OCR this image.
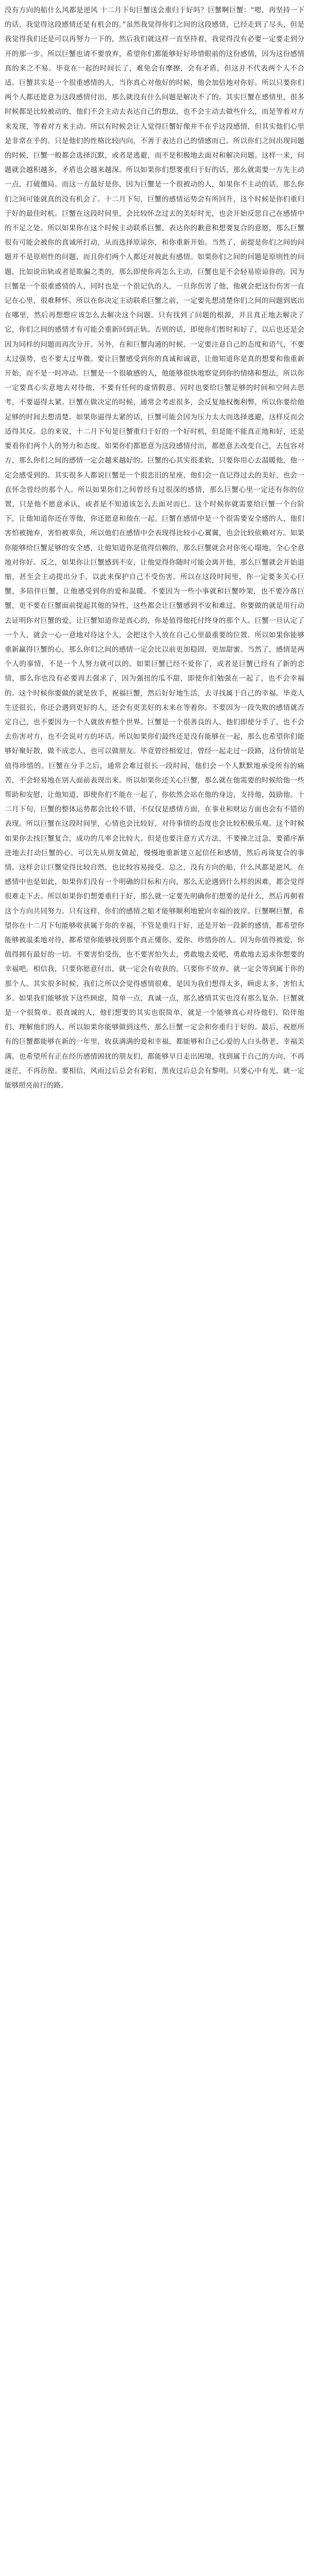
没有方向的船什么风都是逆风 十二月下旬巨蟹送会重归于好吗？巨蟹啊巨蟹：“嗯，再坚持一下的话，我觉得这段感情还是有机会的。”虽然我觉得你们之间的这段感情，已经走到了尽头，但是我觉得我们还是可以再努力一下的，然后我们就这样一直坚持着，我觉得没有必要一定要走到分开的那一步。所以巨蟹也请不要放弃，希望你们都能够好好珍惜眼前的这份感情，因为这份感情真的来之不易。毕竟在一起的时间长了，难免会有摩擦，会有矛盾，但这并不代表两个人不合适。巨蟹其实是一个很重感情的人，当你真心对他好的时候，他会加倍地对你好。所以只要你们两个人都还愿意为这段感情付出，那么就没有什么问题是解决不了的。其实巨蟹在感情里，很多时候都是比较被动的，他们不会主动去表达自己的想法，也不会主动去做些什么，而是等着对方来发现，等着对方来主动。所以有时候会让人觉得巨蟹好像并不在乎这段感情，但其实他们心里是非常在乎的。只是他们的性格比较内向，不善于表达自己的情感而已。所以你们之间出现问题的时候，巨蟹一般都会选择沉默，或者是逃避，而不是积极地去面对和解决问题。这样一来，问题就会越积越多，矛盾也会越来越深。所以如果你们想要重归于好的话，那么就需要一方先主动一点，打破僵局。而这一方最好是你，因为巨蟹是一个很被动的人，如果你不主动的话，那么你们之间可能就真的没有机会了。十二月下旬，巨蟹的感情运势会有所回升，这个时候是你们重归于好的最佳时机。巨蟹在这段时间里，会比较怀念过去的美好时光，也会开始反思自己在感情中的不足之处。所以如果你在这个时候主动联系巨蟹，表达你的歉意和想要复合的意愿，那么巨蟹很有可能会被你的真诚所打动，从而选择原谅你，和你重新开始。当然了，前提是你们之间的问题并不是原则性的问题，而且你们两个人都还对彼此有感情。如果你们之间的问题是原则性的问题，比如说出轨或者是欺骗之类的，那么即使你再怎么主动，巨蟹也是不会轻易原谅你的。因为巨蟹是一个很重感情的人，同时也是一个很记仇的人，一旦你伤害了他，他就会把这份伤害一直记在心里，很难释怀。所以在你决定主动联系巨蟹之前，一定要先想清楚你们之间的问题到底出在哪里，然后再想想应该怎么去解决这个问题。只有找到了问题的根源，并且真正地去解决了它，你们之间的感情才有可能会重新回到正轨。否则的话，即使你们暂时和好了，以后也还是会因为同样的问题而再次分开。另外，在和巨蟹沟通的时候，一定要注意自己的态度和语气，不要太过强势，也不要太过卑微。要让巨蟹感受到你的真诚和诚意，让他知道你是真的想要和他重新开始，而不是一时冲动。巨蟹是一个很敏感的人，他能够很快地察觉到你的情绪和想法，所以你一定要真心实意地去对待他，不要有任何的虚情假意。同时也要给巨蟹足够的时间和空间去思考，不要逼得太紧。巨蟹在做决定的时候，通常会考虑很多，会反复地权衡利弊，所以你要给他足够的时间去想清楚。如果你逼得太紧的话，巨蟹可能会因为压力太大而选择逃避，这样反而会适得其反。总的来说，十二月下旬是巨蟹重归于好的一个好时机，但是能不能真正地和好，还是要看你们两个人的努力和态度。如果你们都愿意为这段感情付出，都愿意去改变自己，去包容对方，那么你们之间的感情一定会越来越好的。巨蟹的心其实很柔软，只要你用心去温暖他，他一定会感受到的。其实很多人都说巨蟹是一个很恋旧的星座，他们会一直记得过去的美好，也会一直怀念曾经的那个人。所以如果你们之间曾经有过很深的感情，那么巨蟹心里一定还有你的位置，只是他不愿意承认，或者是不知道该怎么去面对而已。这个时候你就需要给巨蟹一个台阶下，让他知道你还在等他，你还愿意和他在一起。巨蟹在感情中是一个很需要安全感的人，他们害怕被抛弃，害怕被辜负，所以他们在感情中会表现得比较小心翼翼，也会比较依赖对方。如果你能够给巨蟹足够的安全感，让他知道你是值得信赖的，那么巨蟹就会对你死心塌地，全心全意地对你好。反之，如果你让巨蟹感到不安，让他觉得你随时可能会离开他，那么巨蟹就会开始退缩，甚至会主动提出分手，以此来保护自己不受伤害。所以在这段时间里，你一定要多关心巨蟹，多陪伴巨蟹，让他感受到你的爱和温暖。不要因为一些小事就和巨蟹吵架，也不要冷落巨蟹，更不要在巨蟹面前提起其他的异性，这些都会让巨蟹感到不安和难过。你要做的就是用行动去证明你对巨蟹的爱，让巨蟹知道你是真心的，你是值得他托付终身的那个人。巨蟹一旦认定了一个人，就会一心一意地对待这个人，会把这个人放在自己心里最重要的位置。所以如果你能够重新赢得巨蟹的心，那么你们之间的感情一定会比以前更加稳固，更加甜蜜。当然了，感情是两个人的事情，不是一个人努力就可以的。如果巨蟹已经不爱你了，或者是巨蟹已经有了新的恋情，那么你也没有必要再去强求了，因为强扭的瓜不甜，即使你们勉强在一起了，也不会幸福的。这个时候你要做的就是放手，祝福巨蟹，然后好好地生活，去寻找属于自己的幸福。毕竟人生还很长，你还会遇到更好的人，还会有更美好的未来在等着你。不要因为一段失败的感情就否定自己，也不要因为一个人就放弃整个世界。巨蟹是一个很善良的人，他们即使分手了，也不会去伤害对方，也不会说对方的坏话。所以如果你们最终还是没有能够在一起，那么也希望你们能够好聚好散，做不成恋人，也可以做朋友。毕竟曾经相爱过，曾经一起走过一段路，这份情谊是值得珍惜的。巨蟹在分手之后，通常会难过很长一段时间，他们会一个人默默地承受所有的痛苦，不会轻易地在别人面前表现出来。所以如果你还关心巨蟹，那么就在他需要的时候给他一些帮助和安慰，让他知道，即使你们不能在一起了，你依然会站在他的身边，支持他，鼓励他。十二月下旬，巨蟹的整体运势都会比较不错，不仅仅是感情方面，在事业和财运方面也会有不错的表现。所以巨蟹在这段时间里，心情也会比较好，对待事情的态度也会比较积极乐观。这个时候如果你去找巨蟹复合，成功的几率会比较大。但是也要注意方式方法，不要操之过急，要循序渐进地去打动巨蟹的心。可以先从朋友做起，慢慢地重新建立起信任和感情，然后再谈复合的事情。这样会让巨蟹觉得比较自然，也比较容易接受。总之，没有方向的船，什么风都是逆风。在感情中也是如此，如果你们没有一个明确的目标和方向，那么无论遇到什么样的困难，都会觉得很难走下去。所以如果你们想要重归于好，那么就一定要先明确你们想要的是什么，然后再朝着这个方向共同努力。只有这样，你们的感情之船才能够顺利地驶向幸福的彼岸。巨蟹啊巨蟹，希望你在十二月下旬能够收获属于你的幸福，不管是重归于好，还是开始一段新的感情，都希望你能够被温柔地对待，都希望你能够找到那个真正懂你、爱你、珍惜你的人。因为你值得被爱，你值得拥有最好的一切。不要害怕受伤，也不要害怕失去，勇敢地去爱吧，勇敢地去追求你想要的幸福吧。相信我，只要你愿意付出，就一定会有收获的。只要你不放弃，就一定会等到属于你的那个人。其实很多时候，我们之所以会觉得感情很难，是因为我们想得太多，顾虑太多，害怕太多。如果我们能够放下这些顾虑，简单一点，真诚一点，那么感情其实也没有那么复杂。巨蟹就是一个很简单、很真诚的人，他们想要的其实也很简单，就是一个能够真心对待他们、陪伴他们、理解他们的人。所以如果你能够做到这些，那么巨蟹一定会和你重归于好的。最后，祝愿所有的巨蟹都能够在新的一年里，收获满满的爱和幸福，都能够和自己心爱的人白头偕老，幸福美满。也希望所有正在经历感情困扰的朋友们，都能够早日走出困境，找到属于自己的方向，不再迷茫，不再彷徨。要相信，风雨过后总会有彩虹，黑夜过后总会有黎明。只要心中有光，就一定能够照亮前行的路。
